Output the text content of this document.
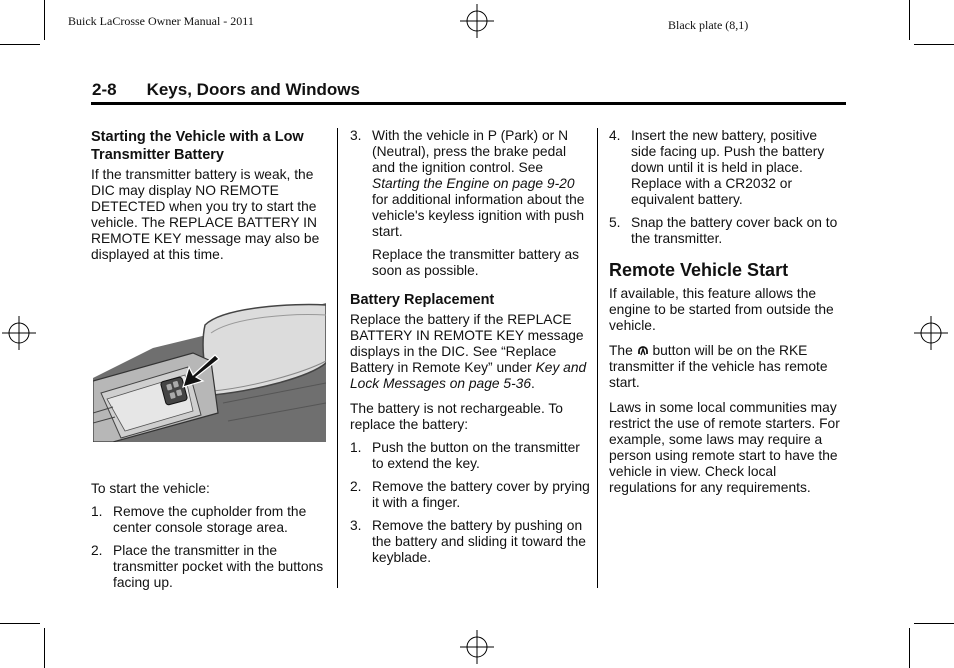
Buick LaCrosse Owner Manual - 2011	Black plate (8,1)
2-8 Keys, Doors and Windows
Starting the Vehicle with a Low Transmitter Battery

If the transmitter battery is weak, the DIC may display NO REMOTE DETECTED when you try to start the vehicle. The REPLACE BATTERY IN REMOTE KEY message may also be displayed at this time.

To start the vehicle:

1. Remove the cupholder from the center console storage area.
2. Place the transmitter in the transmitter pocket with the buttons facing up.
3. With the vehicle in P (Park) or N (Neutral), press the brake pedal and the ignition control. See Starting the Engine on page 9-20 for additional information about the vehicle's keyless ignition with push start.

Replace the transmitter battery as soon as possible.

Battery Replacement

Replace the battery if the REPLACE BATTERY IN REMOTE KEY message displays in the DIC. See “Replace Battery in Remote Key” under Key and Lock Messages on page 5-36.

The battery is not rechargeable. To replace the battery:

1. Push the button on the transmitter to extend the key.
2. Remove the battery cover by prying it with a finger.
3. Remove the battery by pushing on the battery and sliding it toward the keyblade.
4. Insert the new battery, positive side facing up. Push the battery down until it is held in place. Replace with a CR2032 or equivalent battery.
5. Snap the battery cover back on to the transmitter.
Remote Vehicle Start

If available, this feature allows the engine to be started from outside the vehicle.

The  button will be on the RKE transmitter if the vehicle has remote start.

Laws in some local communities may restrict the use of remote starters. For example, some laws may require a person using remote start to have the vehicle in view. Check local regulations for any requirements.
